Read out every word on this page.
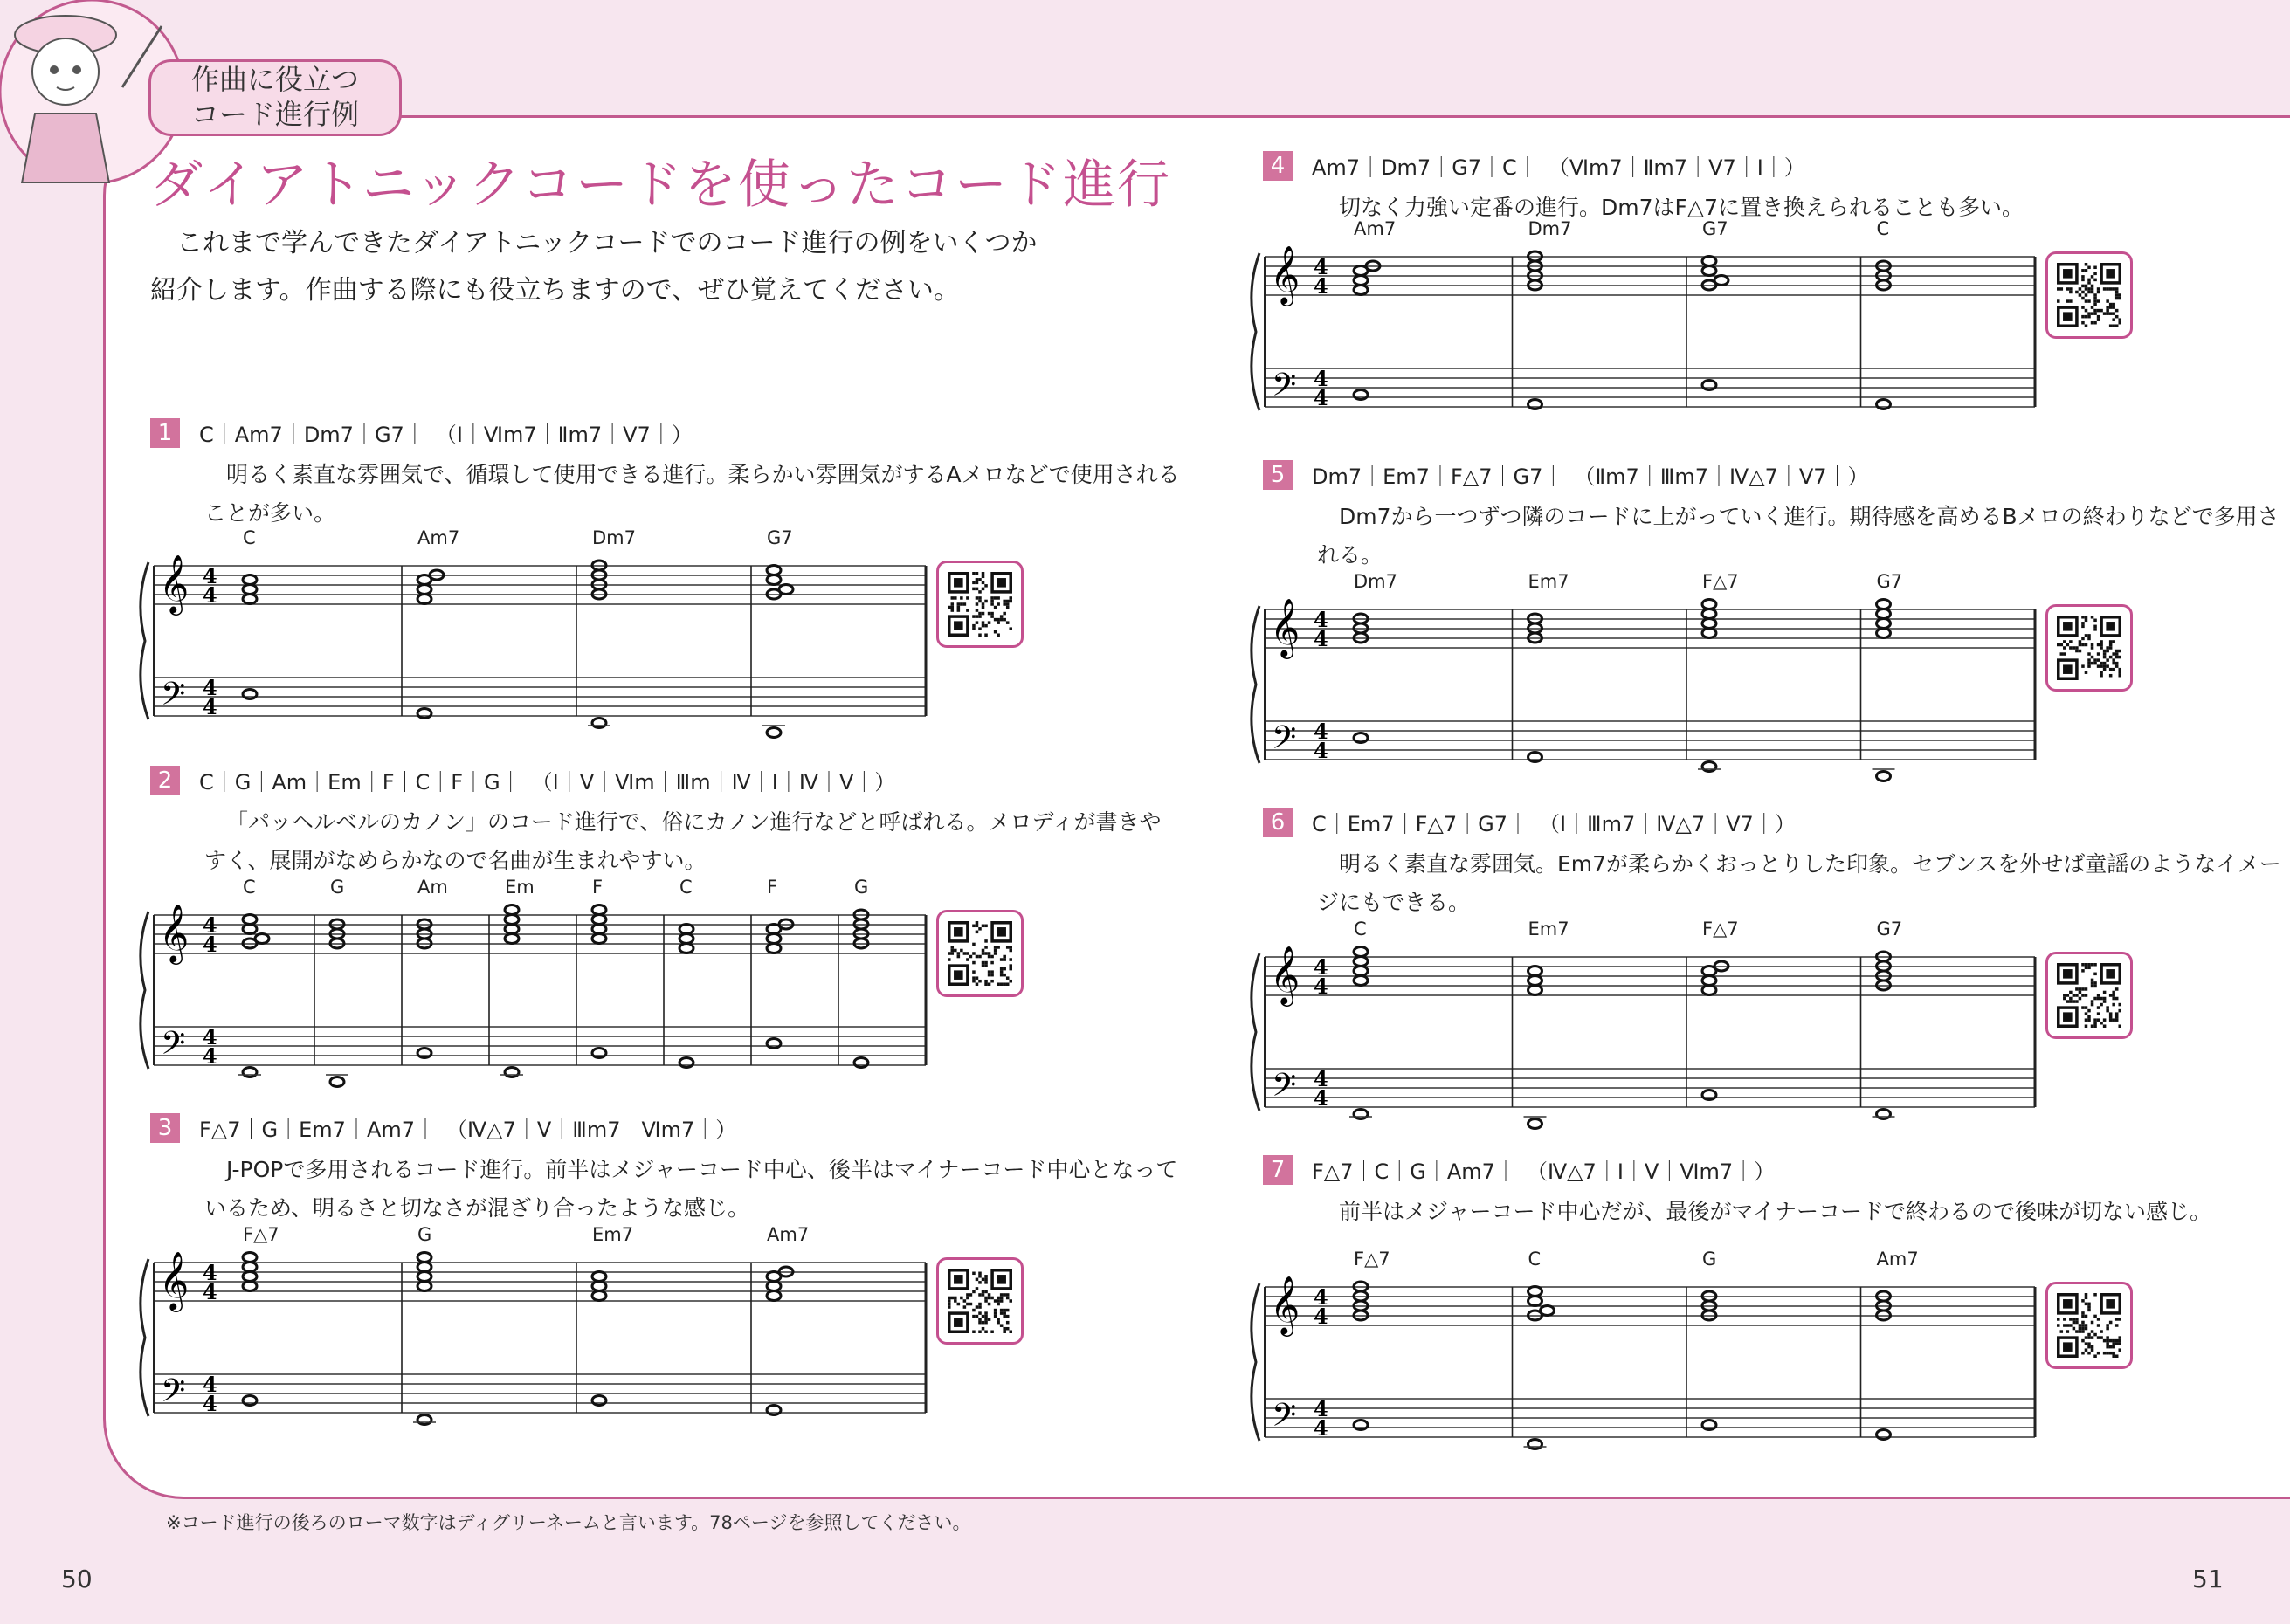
作曲に役立つ
コード進行例
ダイアトニックコードを使ったコード進行
これまで学んできたダイアトニックコードでのコード進行の例をいくつか紹介します。作曲する際にも役立ちますので、ぜひ覚えてください。
1 C｜Am7｜Dm7｜G7｜　（Ⅰ｜Ⅵm7｜Ⅱm7｜Ⅴ7｜）
明るく素直な雰囲気で、循環して使用できる進行。柔らかい雰囲気がするAメロなどで使用されることが多い。
C	Am7	Dm7	G7
𝄞
𝄢
4
4
4
4
2 C｜G｜Am｜Em｜F｜C｜F｜G｜　（Ⅰ｜Ⅴ｜Ⅵm｜Ⅲm｜Ⅳ｜Ⅰ｜Ⅳ｜Ⅴ｜）
「パッヘルベルのカノン」のコード進行で、俗にカノン進行などと呼ばれる。メロディが書きやすく、展開がなめらかなので名曲が生まれやすい。
C	G	Am	Em	F	C	F	G
𝄞
𝄢
4
4
4
4
3 F△7｜G｜Em7｜Am7｜　（Ⅳ△7｜Ⅴ｜Ⅲm7｜Ⅵm7｜）
J-POPで多用されるコード進行。前半はメジャーコード中心、後半はマイナーコード中心となっているため、明るさと切なさが混ざり合ったような感じ。
F△7	G	Em7	Am7
𝄞
𝄢
4
4
4
4
4 Am7｜Dm7｜G7｜C｜　（Ⅵm7｜Ⅱm7｜Ⅴ7｜Ⅰ｜）
切なく力強い定番の進行。Dm7はF△7に置き換えられることも多い。
Am7	Dm7	G7	C
𝄞
𝄢
4
4
4
4
5 Dm7｜Em7｜F△7｜G7｜　（Ⅱm7｜Ⅲm7｜Ⅳ△7｜Ⅴ7｜）
Dm7から一つずつ隣のコードに上がっていく進行。期待感を高めるBメロの終わりなどで多用される。
Dm7	Em7	F△7	G7
𝄞
𝄢
4
4
4
4
6 C｜Em7｜F△7｜G7｜　（Ⅰ｜Ⅲm7｜Ⅳ△7｜Ⅴ7｜）
明るく素直な雰囲気。Em7が柔らかくおっとりした印象。セブンスを外せば童謡のようなイメージにもできる。
C	Em7	F△7	G7
𝄞
𝄢
4
4
4
4
7 F△7｜C｜G｜Am7｜　（Ⅳ△7｜Ⅰ｜Ⅴ｜Ⅵm7｜）
前半はメジャーコード中心だが、最後がマイナーコードで終わるので後味が切ない感じ。
F△7	C	G	Am7
𝄞
𝄢
4
4
4
4
※コード進行の後ろのローマ数字はディグリーネームと言います。78ページを参照してください。
50	51
